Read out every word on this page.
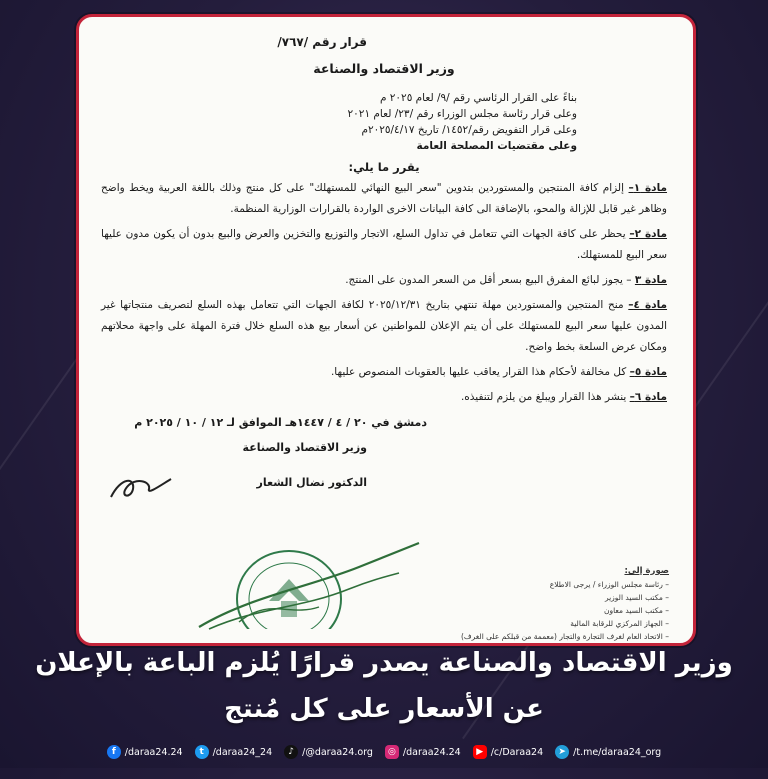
قرار رقم /٧٦٧/
وزير الاقتصاد والصناعة
بناءً على القرار الرئاسي رقم /٩/ لعام ٢٠٢٥ م
وعلى قرار رئاسة مجلس الوزراء رقم /٢٣/ لعام ٢٠٢١
وعلى قرار التفويض رقم/١٤٥٢/ تاريخ ٢٠٢٥/٤/١٧م
وعلى مقتضيات المصلحة العامة
يقرر ما يلي:
مادة ١– إلزام كافة المنتجين والمستوردين بتدوين "سعر البيع النهائي للمستهلك" على كل منتج وذلك باللغة العربية ويخط واضح وظاهر غير قابل للإزالة والمحو، بالإضافة الى كافة البيانات الاخرى الواردة بالقرارات الوزارية المنظمة.
مادة ٢– يحظر على كافة الجهات التي تتعامل في تداول السلع، الاتجار والتوزيع والتخزين والعرض والبيع بدون أن يكون مدون عليها سعر البيع للمستهلك.
مادة ٣ – يجوز لبائع المفرق البيع بسعر أقل من السعر المدون على المنتج.
مادة ٤– منح المنتجين والمستوردين مهلة تنتهي بتاريخ ٢٠٢٥/١٢/٣١ لكافة الجهات التي تتعامل بهذه السلع لتصريف منتجاتها غير المدون عليها سعر البيع للمستهلك على أن يتم الإعلان للمواطنين عن أسعار بيع هذه السلع خلال فترة المهلة على واجهة محلاتهم ومكان عرض السلعة بخط واضح.
مادة ٥– كل مخالفة لأحكام هذا القرار يعاقب عليها بالعقوبات المنصوص عليها.
مادة ٦– ينشر هذا القرار ويبلغ من يلزم لتنفيذه.
دمشق في ٢٠ / ٤ / ١٤٤٧هـ الموافق لـ ١٢ / ١٠ / ٢٠٢٥ م
وزير الاقتصاد والصناعة
الدكتور نضال الشعار
صورة إلى:
– رئاسة مجلس الوزراء / يرجى الاطلاع
– مكتب السيد الوزير
– مكتب السيد معاون
– الجهاز المركزي للرقابة المالية
– الاتحاد العام لغرف التجارة والتجار (معممة من قبلكم على الغرف)
وزير الاقتصاد والصناعة يصدر قرارًا يُلزم الباعة بالإعلان
عن الأسعار على كل مُنتج
f /daraa24.24	t /daraa24_24	♪ /@daraa24.org	◎ /daraa24.24	▶ /c/Daraa24	➤ /t.me/daraa24_org
